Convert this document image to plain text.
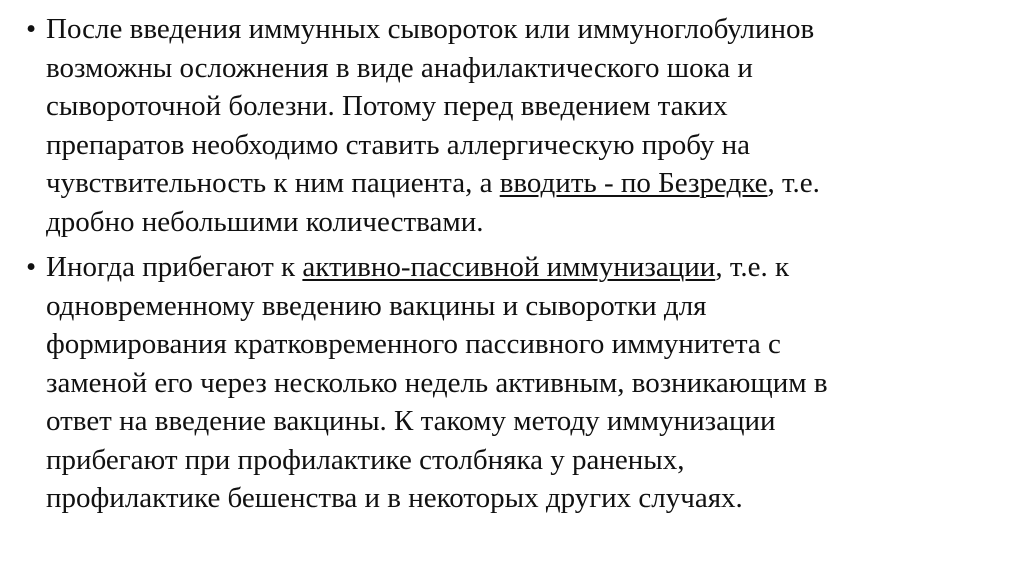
• После введения иммунных сывороток или иммуноглобулинов
возможны осложнения в виде анафилактического шока и
сывороточной болезни. Потому перед введением таких
препаратов необходимо ставить аллергическую пробу на
чувствительность к ним пациента, а вводить - по Безредке, т.е.
дробно небольшими количествами.
• Иногда прибегают к активно-пассивной иммунизации, т.е. к
одновременному введению вакцины и сыворотки для
формирования кратковременного пассивного иммунитета с
заменой его через несколько недель активным, возникающим в
ответ на введение вакцины. К такому методу иммунизации
прибегают при профилактике столбняка у раненых,
профилактике бешенства и в некоторых других случаях.
